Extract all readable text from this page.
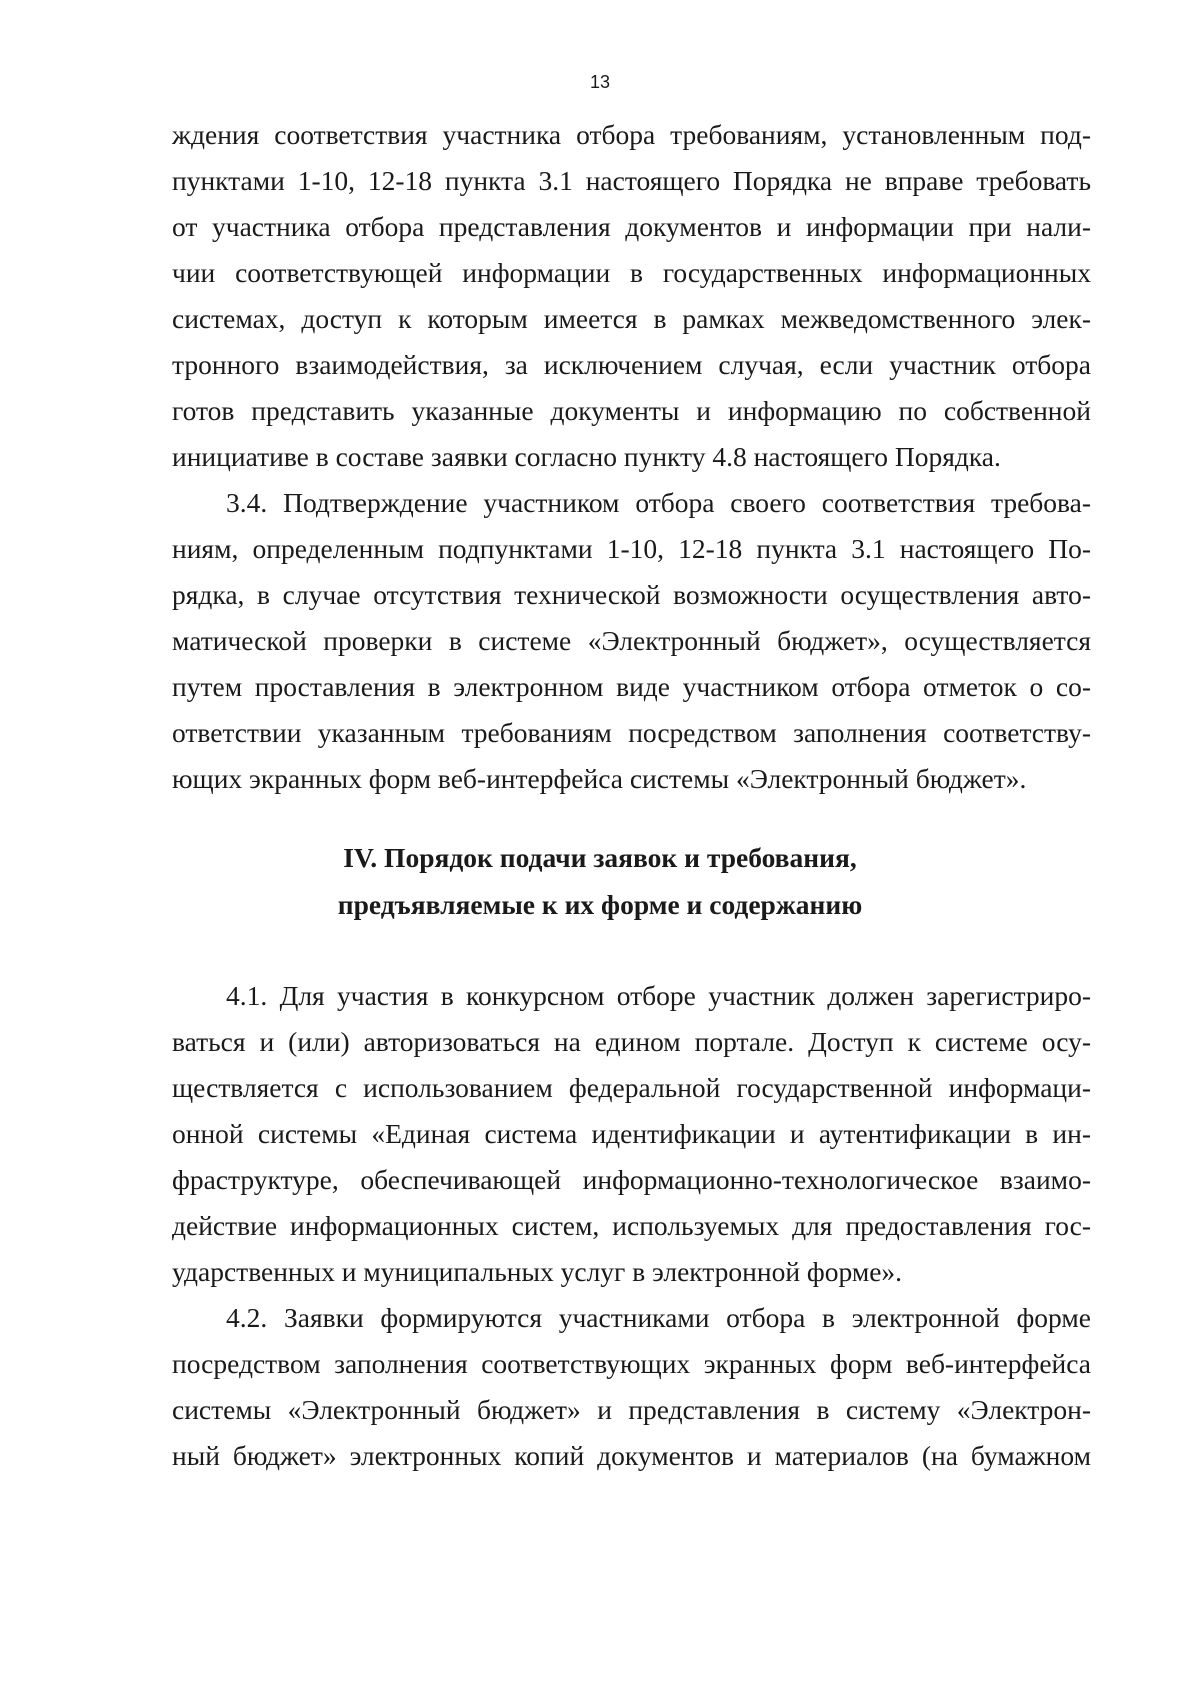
13
ждения соответствия участника отбора требованиям, установленным под-
пунктами 1-10, 12-18 пункта 3.1 настоящего Порядка не вправе требовать
от участника отбора представления документов и информации при нали-
чии соответствующей информации в государственных информационных
системах, доступ к которым имеется в рамках межведомственного элек-
тронного взаимодействия, за исключением случая, если участник отбора
готов представить указанные документы и информацию по собственной
инициативе в составе заявки согласно пункту 4.8 настоящего Порядка.
3.4. Подтверждение участником отбора своего соответствия требова-
ниям, определенным подпунктами 1-10, 12-18 пункта 3.1 настоящего По-
рядка, в случае отсутствия технической возможности осуществления авто-
матической проверки в системе «Электронный бюджет», осуществляется
путем проставления в электронном виде участником отбора отметок о со-
ответствии указанным требованиям посредством заполнения соответству-
ющих экранных форм веб-интерфейса системы «Электронный бюджет».
IV. Порядок подачи заявок и требования,
предъявляемые к их форме и содержанию
4.1. Для участия в конкурсном отборе участник должен зарегистриро-
ваться и (или) авторизоваться на едином портале. Доступ к системе осу-
ществляется с использованием федеральной государственной информаци-
онной системы «Единая система идентификации и аутентификации в ин-
фраструктуре, обеспечивающей информационно-технологическое взаимо-
действие информационных систем, используемых для предоставления гос-
ударственных и муниципальных услуг в электронной форме».
4.2. Заявки формируются участниками отбора в электронной форме
посредством заполнения соответствующих экранных форм веб-интерфейса
системы «Электронный бюджет» и представления в систему «Электрон-
ный бюджет» электронных копий документов и материалов (на бумажном
